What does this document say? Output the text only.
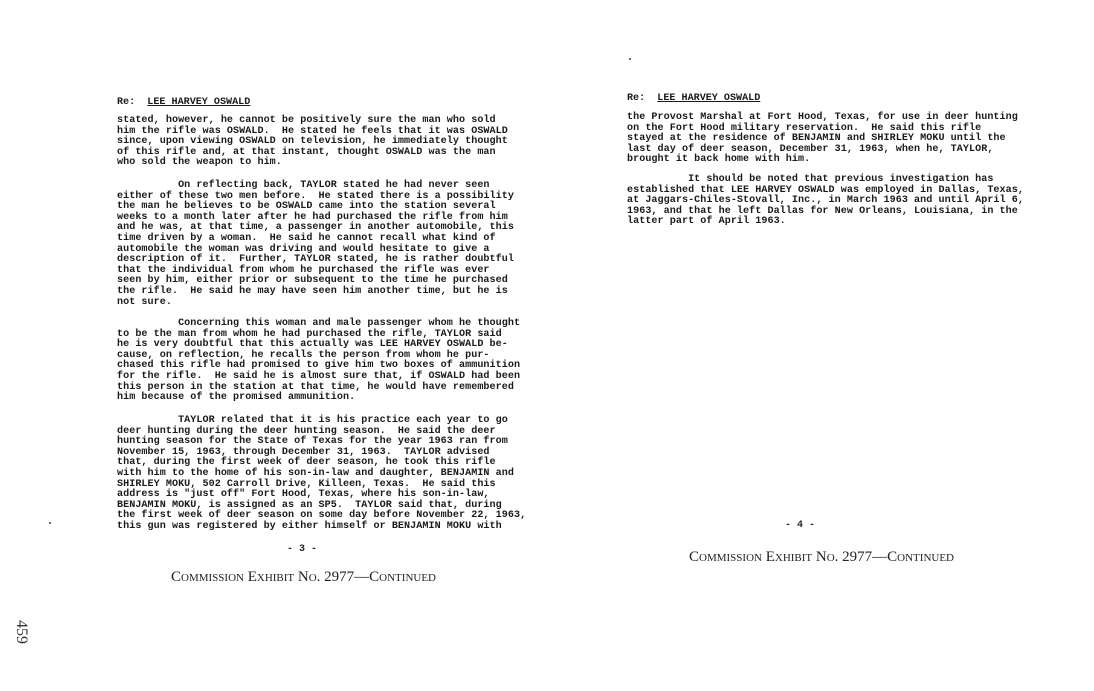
459
Re: LEE HARVEY OSWALD
stated, however, he cannot be positively sure the man who sold
him the rifle was OSWALD.  He stated he feels that it was OSWALD
since, upon viewing OSWALD on television, he immediately thought
of this rifle and, at that instant, thought OSWALD was the man
who sold the weapon to him.
On reflecting back, TAYLOR stated he had never seen
either of these two men before.  He stated there is a possibility
the man he believes to be OSWALD came into the station several
weeks to a month later after he had purchased the rifle from him
and he was, at that time, a passenger in another automobile, this
time driven by a woman.  He said he cannot recall what kind of
automobile the woman was driving and would hesitate to give a
description of it.  Further, TAYLOR stated, he is rather doubtful
that the individual from whom he purchased the rifle was ever
seen by him, either prior or subsequent to the time he purchased
the rifle.  He said he may have seen him another time, but he is
not sure.
Concerning this woman and male passenger whom he thought
to be the man from whom he had purchased the rifle, TAYLOR said
he is very doubtful that this actually was LEE HARVEY OSWALD be-
cause, on reflection, he recalls the person from whom he pur-
chased this rifle had promised to give him two boxes of ammunition
for the rifle.  He said he is almost sure that, if OSWALD had been
this person in the station at that time, he would have remembered
him because of the promised ammunition.
TAYLOR related that it is his practice each year to go
deer hunting during the deer hunting season.  He said the deer
hunting season for the State of Texas for the year 1963 ran from
November 15, 1963, through December 31, 1963.  TAYLOR advised
that, during the first week of deer season, he took this rifle
with him to the home of his son-in-law and daughter, BENJAMIN and
SHIRLEY MOKU, 502 Carroll Drive, Killeen, Texas.  He said this
address is "just off" Fort Hood, Texas, where his son-in-law,
BENJAMIN MOKU, is assigned as an SP5.  TAYLOR said that, during
the first week of deer season on some day before November 22, 1963,
this gun was registered by either himself or BENJAMIN MOKU with
- 3 -
Commission Exhibit No. 2977—Continued
Re: LEE HARVEY OSWALD
the Provost Marshal at Fort Hood, Texas, for use in deer hunting
on the Fort Hood military reservation.  He said this rifle
stayed at the residence of BENJAMIN and SHIRLEY MOKU until the
last day of deer season, December 31, 1963, when he, TAYLOR,
brought it back home with him.
It should be noted that previous investigation has
established that LEE HARVEY OSWALD was employed in Dallas, Texas,
at Jaggars-Chiles-Stovall, Inc., in March 1963 and until April 6,
1963, and that he left Dallas for New Orleans, Louisiana, in the
latter part of April 1963.
- 4 -
Commission Exhibit No. 2977—Continued
